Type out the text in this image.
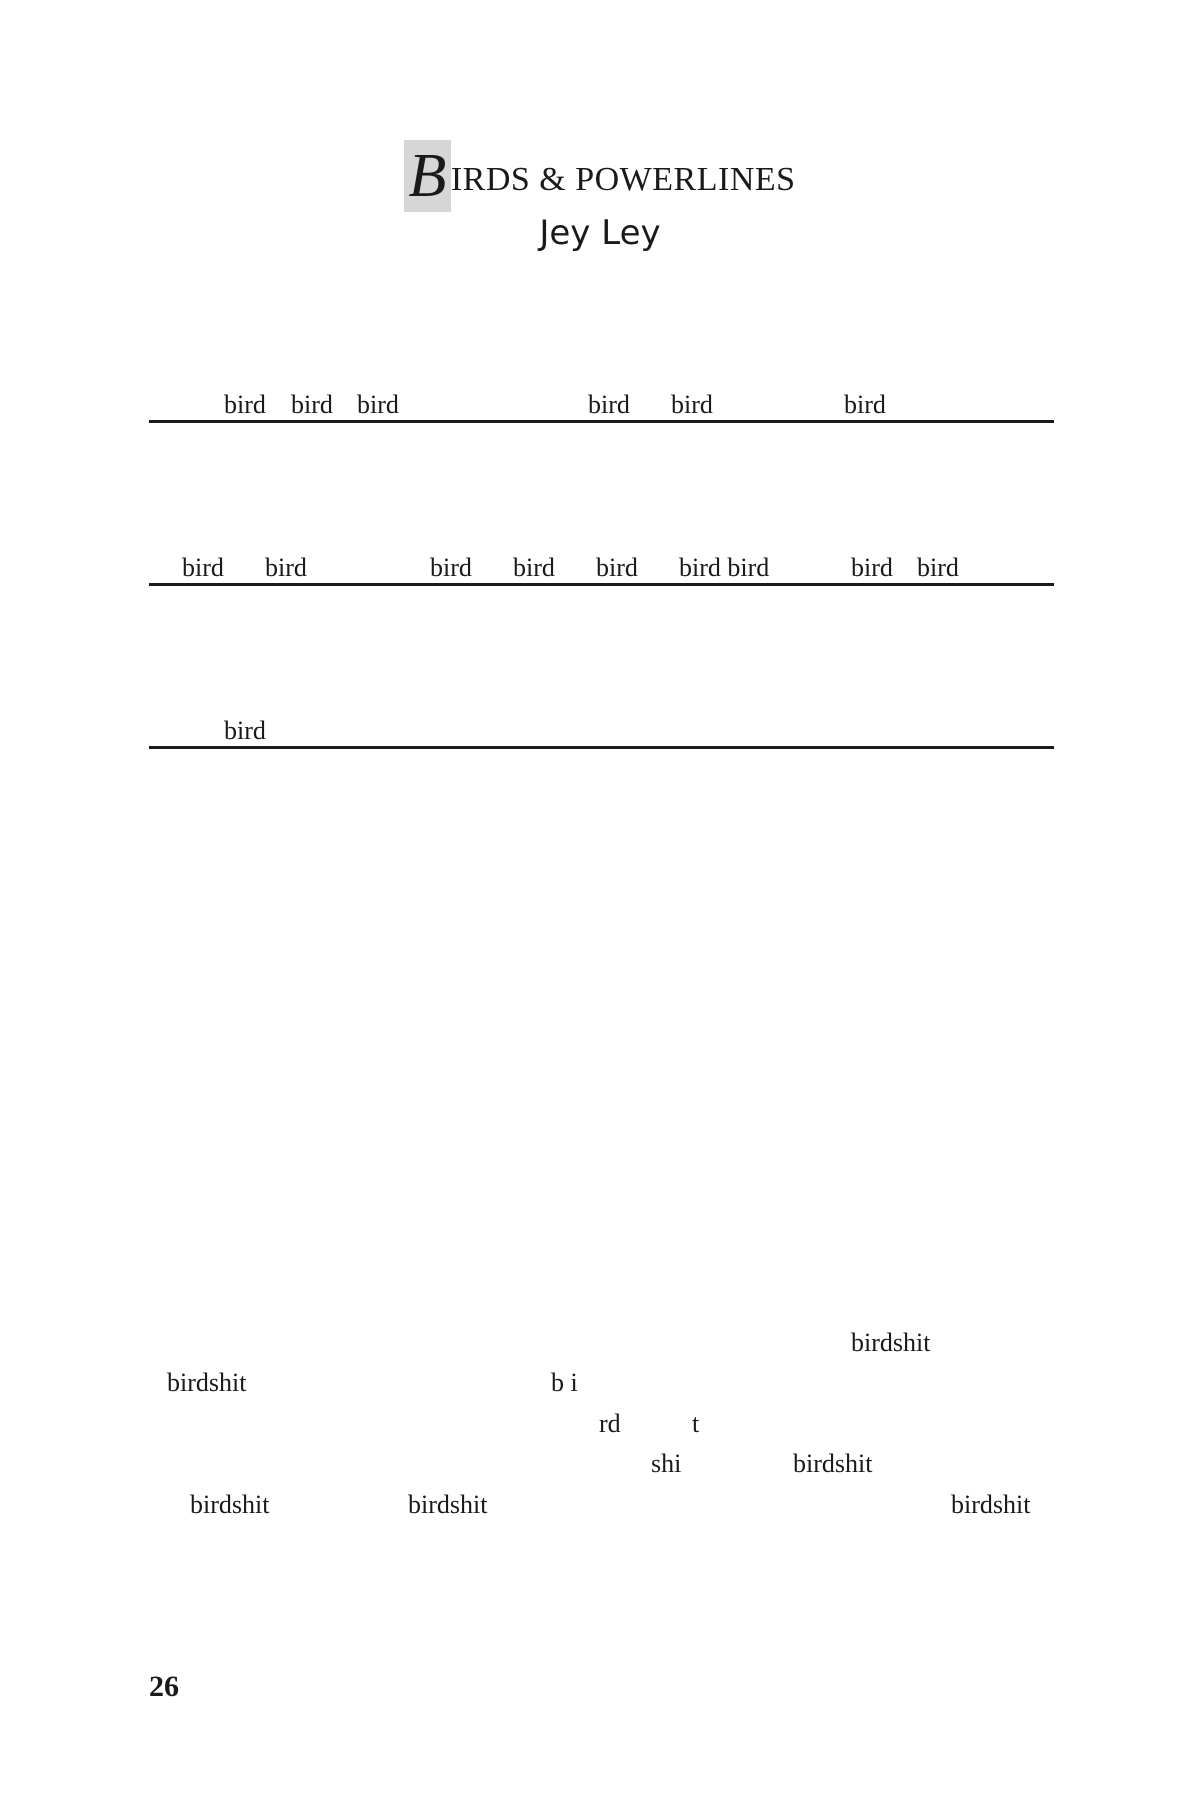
B IRDS & POWERLINES
Jey Ley
bird bird bird	bird bird	bird
bird bird	bird bird bird bird bird	bird bird
bird
birdshit
birdshit	b i
rd	t
shi	birdshit
birdshit	birdshit	birdshit
26
